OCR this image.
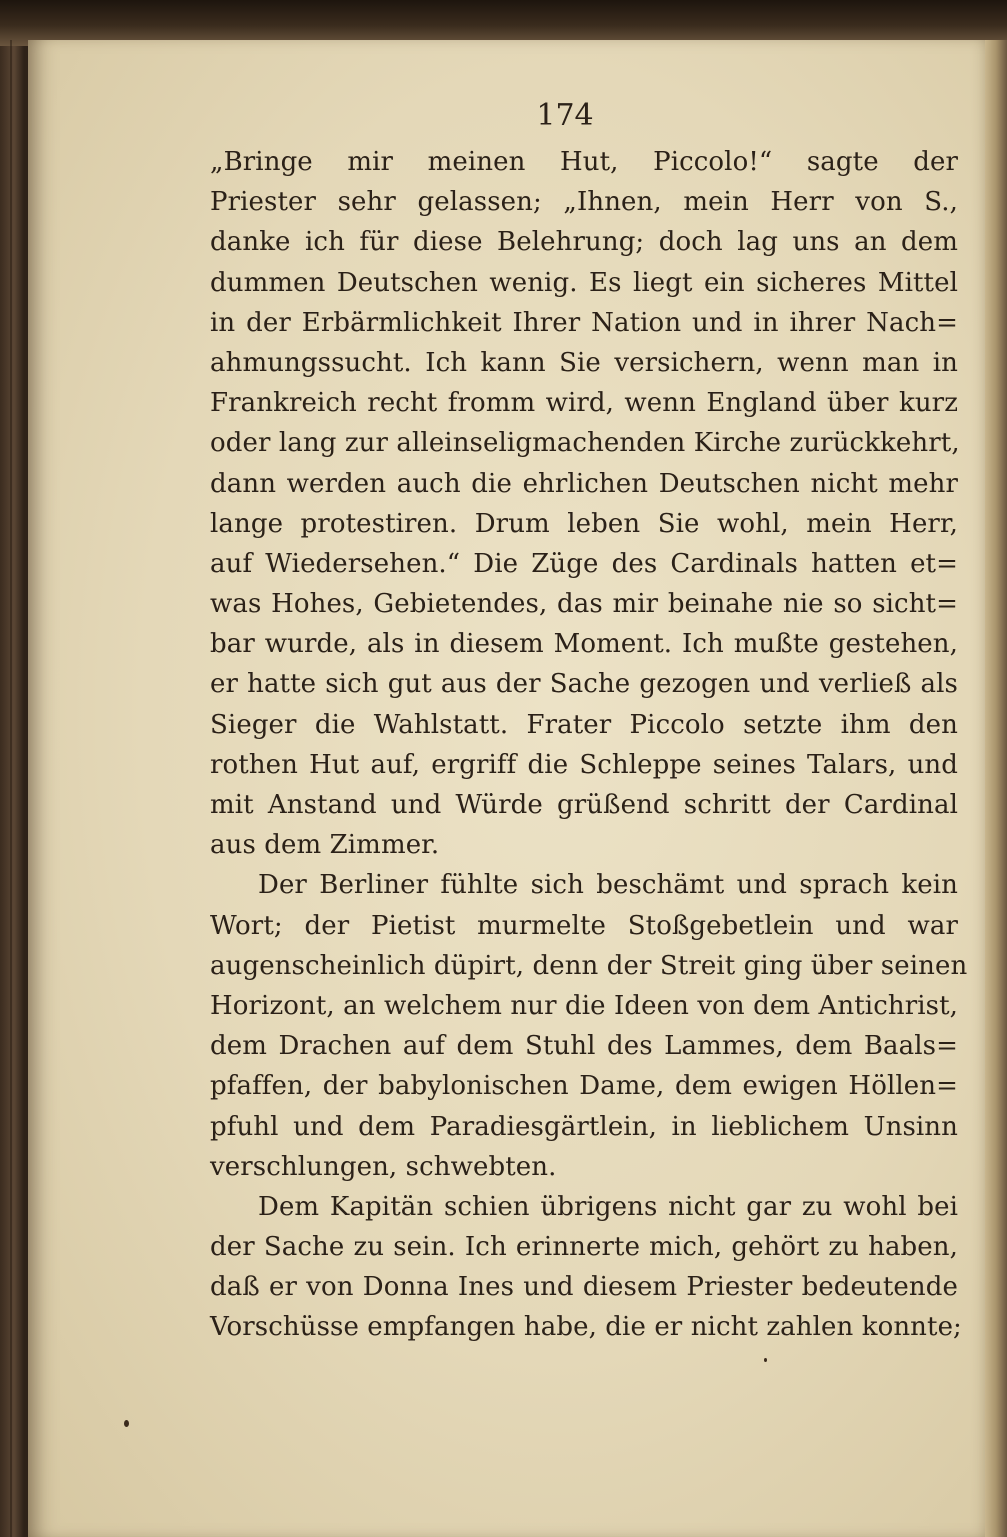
174

„Bringe mir meinen Hut, Piccolo!“ sagte der
Priester sehr gelassen; „Ihnen, mein Herr von S.,
danke ich für diese Belehrung; doch lag uns an dem
dummen Deutschen wenig. Es liegt ein sicheres Mittel
in der Erbärmlichkeit Ihrer Nation und in ihrer Nach=
ahmungssucht. Ich kann Sie versichern, wenn man in
Frankreich recht fromm wird, wenn England über kurz
oder lang zur alleinseligmachenden Kirche zurückkehrt,
dann werden auch die ehrlichen Deutschen nicht mehr
lange protestiren. Drum leben Sie wohl, mein Herr,
auf Wiedersehen.“ Die Züge des Cardinals hatten et=
was Hohes, Gebietendes, das mir beinahe nie so sicht=
bar wurde, als in diesem Moment. Ich mußte gestehen,
er hatte sich gut aus der Sache gezogen und verließ als
Sieger die Wahlstatt. Frater Piccolo setzte ihm den
rothen Hut auf, ergriff die Schleppe seines Talars, und
mit Anstand und Würde grüßend schritt der Cardinal
aus dem Zimmer.
Der Berliner fühlte sich beschämt und sprach kein
Wort; der Pietist murmelte Stoßgebetlein und war
augenscheinlich düpirt, denn der Streit ging über seinen
Horizont, an welchem nur die Ideen von dem Antichrist,
dem Drachen auf dem Stuhl des Lammes, dem Baals=
pfaffen, der babylonischen Dame, dem ewigen Höllen=
pfuhl und dem Paradiesgärtlein, in lieblichem Unsinn
verschlungen, schwebten.
Dem Kapitän schien übrigens nicht gar zu wohl bei
der Sache zu sein. Ich erinnerte mich, gehört zu haben,
daß er von Donna Ines und diesem Priester bedeutende
Vorschüsse empfangen habe, die er nicht zahlen konnte;
